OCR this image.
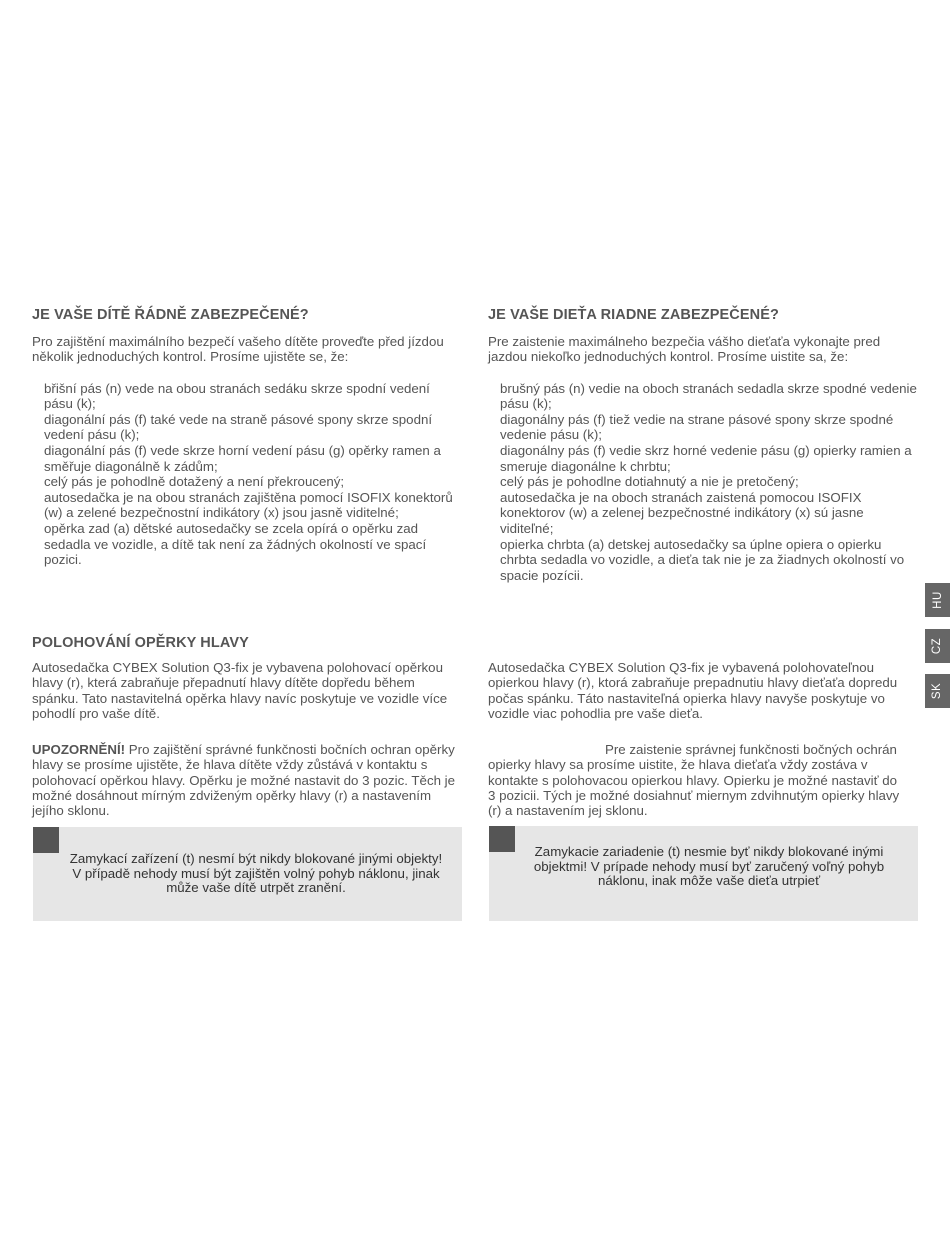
JE VAŠE DÍTĚ ŘÁDNĚ ZABEZPEČENÉ?

Pro zajištění maximálního bezpečí vašeho dítěte proveďte před jízdou několik jednoduchých kontrol. Prosíme ujistěte se, že:

břišní pás (n) vede na obou stranách sedáku skrze spodní vedení pásu (k);
diagonální pás (f) také vede na straně pásové spony skrze spodní vedení pásu (k);
diagonální pás (f) vede skrze horní vedení pásu (g) opěrky ramen a směřuje diagonálně k zádům;
celý pás je pohodlně dotažený a není překroucený;
autosedačka je na obou stranách zajištěna pomocí ISOFIX konektorů (w) a zelené bezpečnostní indikátory (x) jsou jasně viditelné;
opěrka zad (a) dětské autosedačky se zcela opírá o opěrku zad sedadla ve vozidle, a dítě tak není za žádných okolností ve spací pozici.
POLOHOVÁNÍ OPĚRKY HLAVY

Autosedačka CYBEX Solution Q3-fix je vybavena polohovací opěrkou hlavy (r), která zabraňuje přepadnutí hlavy dítěte dopředu během spánku. Tato nastavitelná opěrka hlavy navíc poskytuje ve vozidle více pohodlí pro vaše dítě.

UPOZORNĚNÍ! Pro zajištění správné funkčnosti bočních ochran opěrky hlavy se prosíme ujistěte, že hlava dítěte vždy zůstává v kontaktu s polohovací opěrkou hlavy. Opěrku je možné nastavit do 3 pozic. Těch je možné dosáhnout mírným zdviženým opěrky hlavy (r) a nastavením jejího sklonu.

Zamykací zařízení (t) nesmí být nikdy blokované jinými objekty! V případě nehody musí být zajištěn volný pohyb náklonu, jinak může vaše dítě utrpět zranění.
JE VAŠE DIEŤA RIADNE ZABEZPEČENÉ?

Pre zaistenie maximálneho bezpečia vášho dieťaťa vykonajte pred jazdou niekoľko jednoduchých kontrol. Prosíme uistite sa, že:

brušný pás (n) vedie na oboch stranách sedadla skrze spodné vedenie pásu (k);
diagonálny pás (f) tiež vedie na strane pásové spony skrze spodné vedenie pásu (k);
diagonálny pás (f) vedie skrz horné vedenie pásu (g) opierky ramien a smeruje diagonálne k chrbtu;
celý pás je pohodlne dotiahnutý a nie je pretočený;
autosedačka je na oboch stranách zaistená pomocou ISOFIX konektorov (w) a zelenej bezpečnostné indikátory (x) sú jasne viditeľné;
opierka chrbta (a) detskej autosedačky sa úplne opiera o opierku chrbta sedadla vo vozidle, a dieťa tak nie je za žiadnych okolností vo spacie pozícii.

Autosedačka CYBEX Solution Q3-fix je vybavená polohovateľnou opierkou hlavy (r), ktorá zabraňuje prepadnutiu hlavy dieťaťa dopredu počas spánku. Táto nastaviteľná opierka hlavy navyše poskytuje vo vozidle viac pohodlia pre vaše dieťa.

Pre zaistenie správnej funkčnosti bočných ochrán opierky hlavy sa prosíme uistite, že hlava dieťaťa vždy zostáva v kontakte s polohovacou opierkou hlavy. Opierku je možné nastaviť do 3 pozicii. Tých je možné dosiahnuť miernym zdvihnutým opierky hlavy (r) a nastavením jej sklonu.

Zamykacie zariadenie (t) nesmie byť nikdy blokované inými objektmi! V prípade nehody musí byť zaručený voľný pohyb náklonu, inak môže vaše dieťa utrpieť
HU
CZ
SK
